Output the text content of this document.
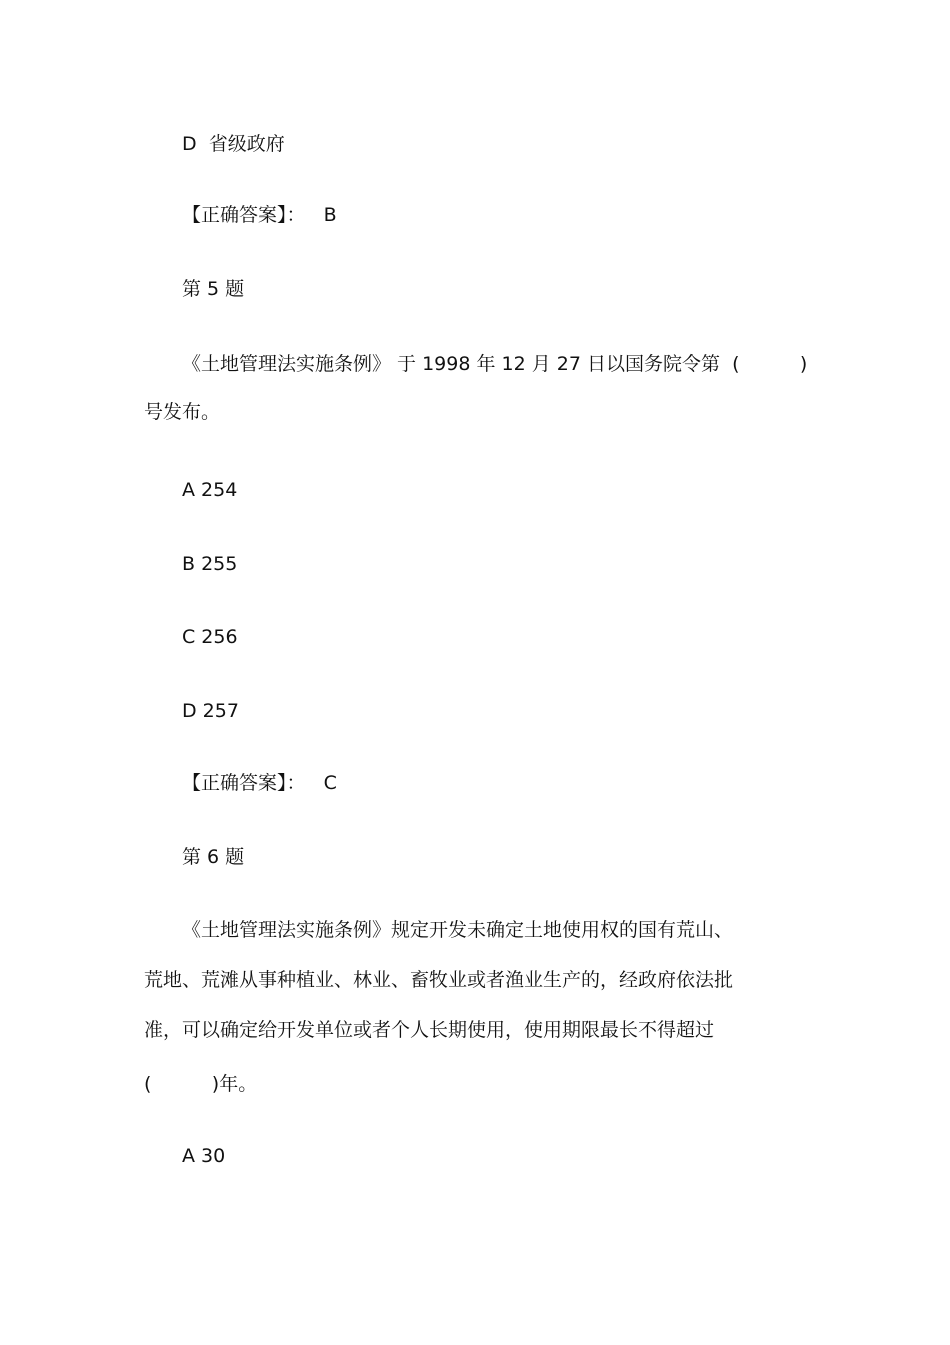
D  省级政府
【正确答案】：   B
第 5 题
《土地管理法实施条例》 于 1998 年 12 月 27 日以国务院令第  (          )
号发布。
A 254
B 255
C 256
D 257
【正确答案】：   C
第 6 题
《土地管理法实施条例》规定开发未确定土地使用权的国有荒山、
荒地、荒滩从事种植业、林业、畜牧业或者渔业生产的，经政府依法批
准，可以确定给开发单位或者个人长期使用，使用期限最长不得超过
(          )年。
A 30
